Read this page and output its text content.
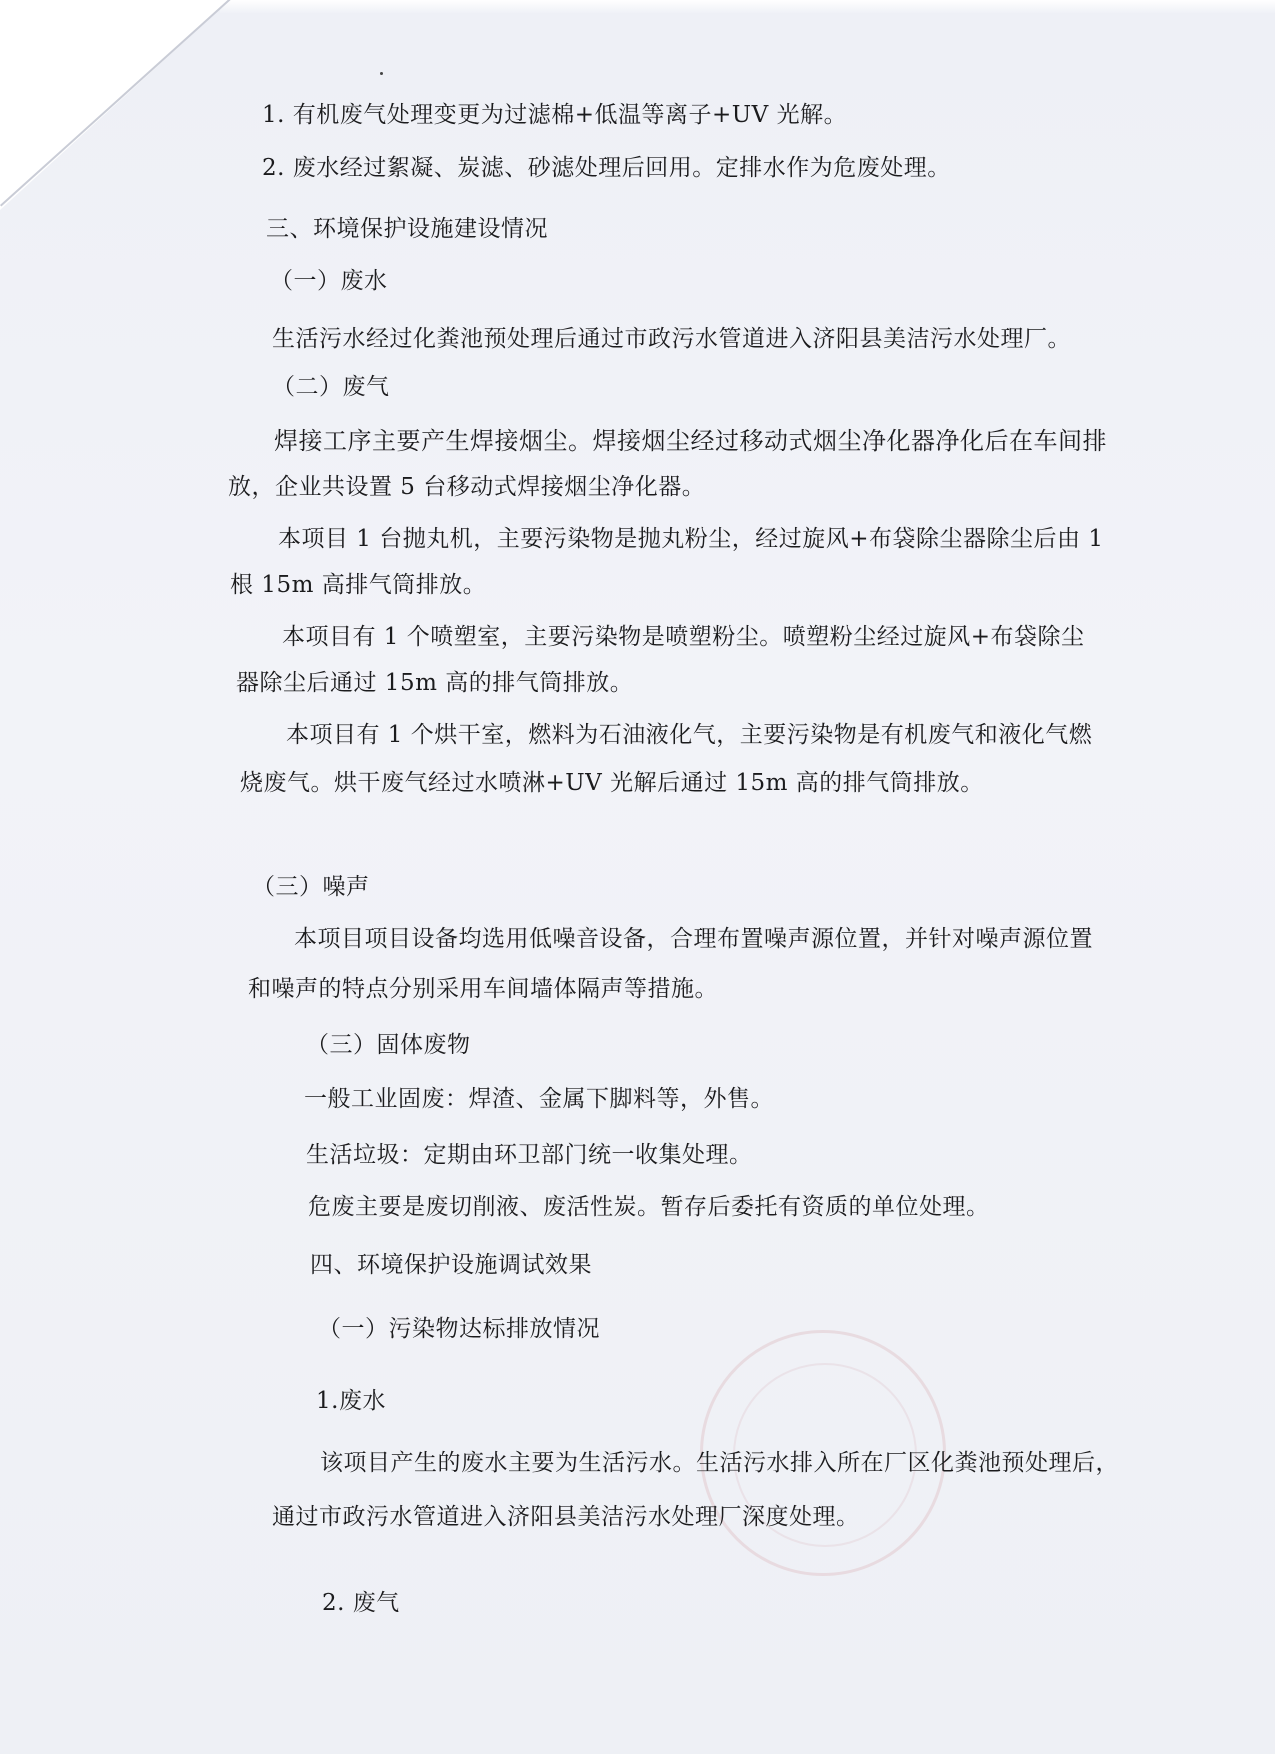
1. 有机废气处理变更为过滤棉+低温等离子+UV 光解。
2. 废水经过絮凝、炭滤、砂滤处理后回用。定排水作为危废处理。
三、环境保护设施建设情况
（一）废水
生活污水经过化粪池预处理后通过市政污水管道进入济阳县美洁污水处理厂。
（二）废气
焊接工序主要产生焊接烟尘。焊接烟尘经过移动式烟尘净化器净化后在车间排
放，企业共设置 5 台移动式焊接烟尘净化器。
本项目 1 台抛丸机，主要污染物是抛丸粉尘，经过旋风+布袋除尘器除尘后由 1
根 15m 高排气筒排放。
本项目有 1 个喷塑室，主要污染物是喷塑粉尘。喷塑粉尘经过旋风+布袋除尘
器除尘后通过 15m 高的排气筒排放。
本项目有 1 个烘干室，燃料为石油液化气，主要污染物是有机废气和液化气燃
烧废气。烘干废气经过水喷淋+UV 光解后通过 15m 高的排气筒排放。
（三）噪声
本项目项目设备均选用低噪音设备，合理布置噪声源位置，并针对噪声源位置
和噪声的特点分别采用车间墙体隔声等措施。
（三）固体废物
一般工业固废：焊渣、金属下脚料等，外售。
生活垃圾：定期由环卫部门统一收集处理。
危废主要是废切削液、废活性炭。暂存后委托有资质的单位处理。
四、环境保护设施调试效果
（一）污染物达标排放情况
1.废水
该项目产生的废水主要为生活污水。生活污水排入所在厂区化粪池预处理后，
通过市政污水管道进入济阳县美洁污水处理厂深度处理。
2. 废气
